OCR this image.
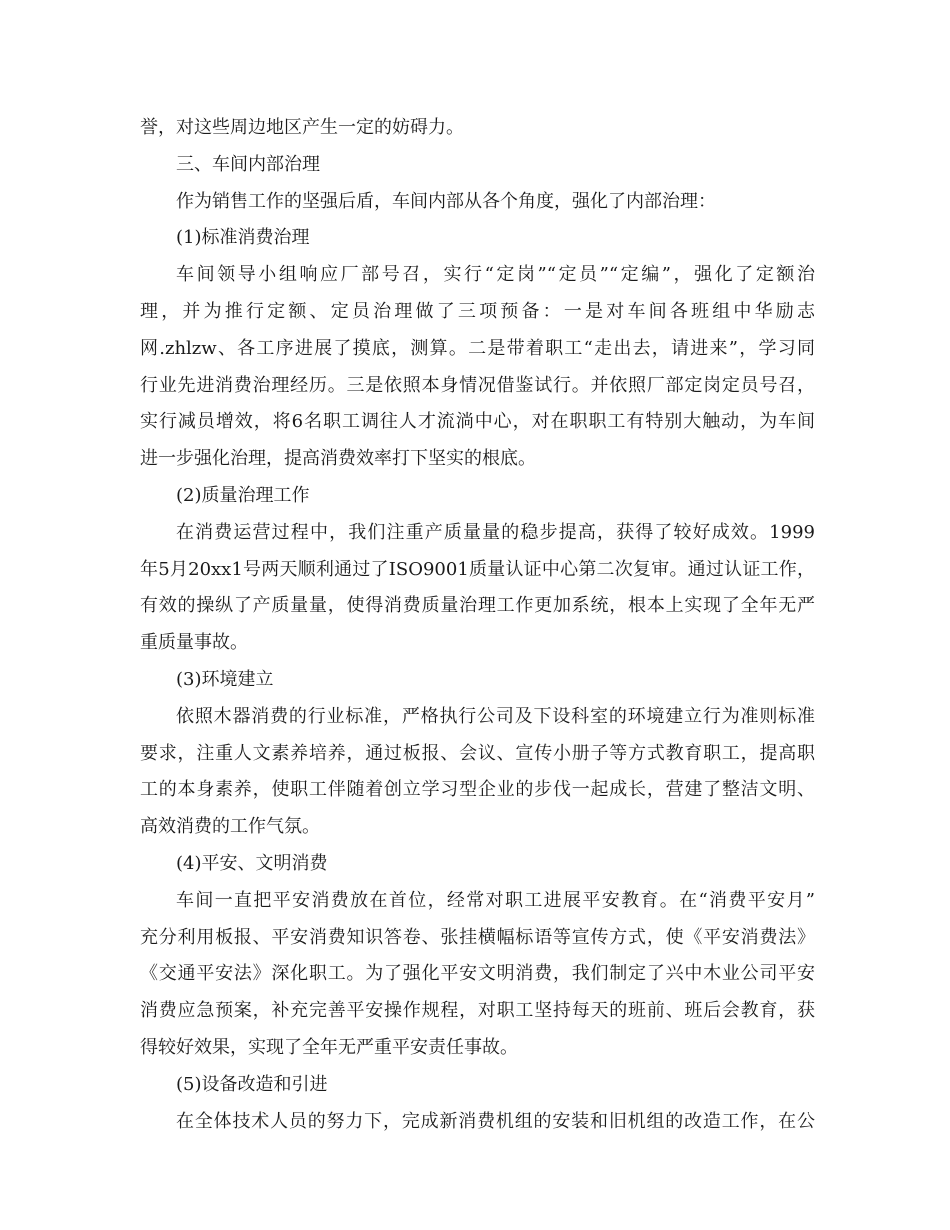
誉，对这些周边地区产生一定的妨碍力。
三、车间内部治理
作为销售工作的坚强后盾，车间内部从各个角度，强化了内部治理：
(1)标准消费治理
车间领导小组响应厂部号召，实行“定岗”“定员”“定编”，强化了定额治
理，并为推行定额、定员治理做了三项预备：一是对车间各班组中华励志
网.zhlzw、各工序进展了摸底，测算。二是带着职工“走出去，请进来”，学习同
行业先进消费治理经历。三是依照本身情况借鉴试行。并依照厂部定岗定员号召，
实行减员增效，将6名职工调往人才流淌中心，对在职职工有特别大触动，为车间
进一步强化治理，提高消费效率打下坚实的根底。
(2)质量治理工作
在消费运营过程中，我们注重产质量量的稳步提高，获得了较好成效。1999
年5月20xx1号两天顺利通过了ISO9001质量认证中心第二次复审。通过认证工作，
有效的操纵了产质量量，使得消费质量治理工作更加系统，根本上实现了全年无严
重质量事故。
(3)环境建立
依照木器消费的行业标准，严格执行公司及下设科室的环境建立行为准则标准
要求，注重人文素养培养，通过板报、会议、宣传小册子等方式教育职工，提高职
工的本身素养，使职工伴随着创立学习型企业的步伐一起成长，营建了整洁文明、
高效消费的工作气氛。
(4)平安、文明消费
车间一直把平安消费放在首位，经常对职工进展平安教育。在“消费平安月”
充分利用板报、平安消费知识答卷、张挂横幅标语等宣传方式，使《平安消费法》
《交通平安法》深化职工。为了强化平安文明消费，我们制定了兴中木业公司平安
消费应急预案，补充完善平安操作规程，对职工坚持每天的班前、班后会教育，获
得较好效果，实现了全年无严重平安责任事故。
(5)设备改造和引进
在全体技术人员的努力下，完成新消费机组的安装和旧机组的改造工作，在公
